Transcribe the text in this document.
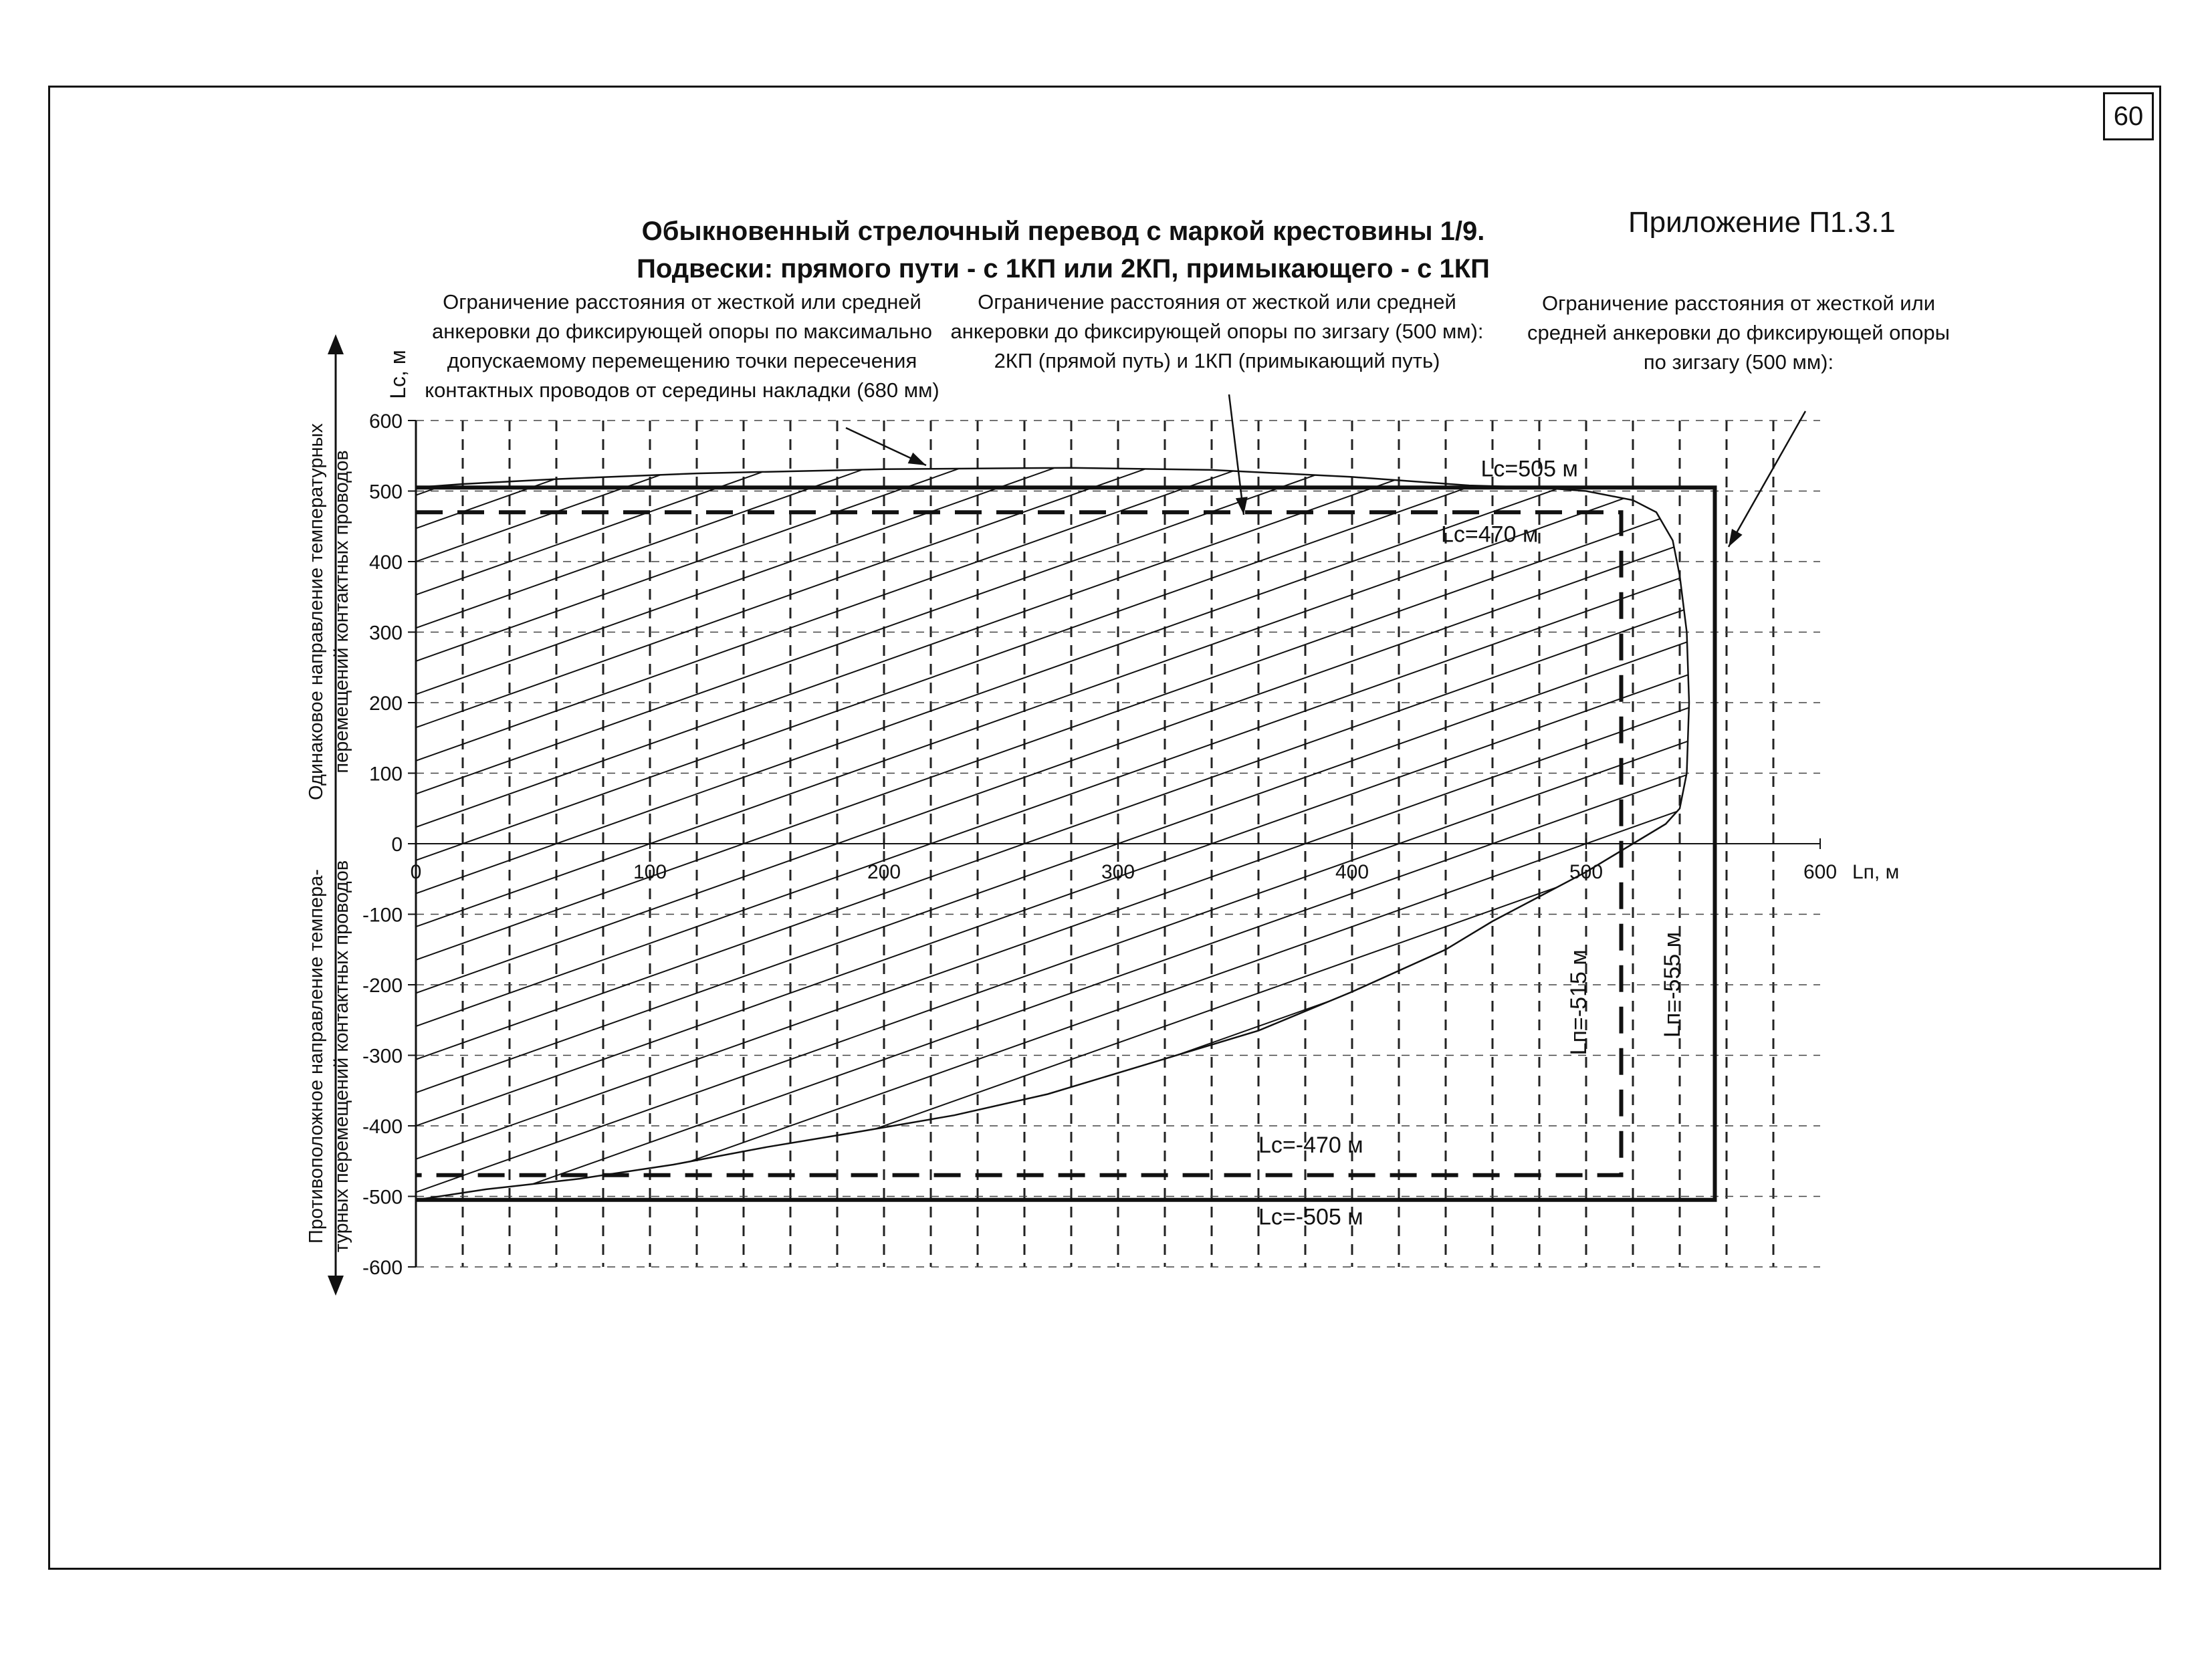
60
Приложение П1.3.1
Обыкновенный стрелочный перевод с маркой крестовины 1/9.
Подвески: прямого пути - с 1КП или 2КП, примыкающего - с 1КП
Ограничение расстояния от жесткой или средней анкеровки до фиксирующей опоры по максимально допускаемому перемещению точки пересечения контактных проводов от середины накладки (680 мм)
Ограничение расстояния от жесткой или средней анкеровки до фиксирующей опоры по зигзагу (500 мм): 2КП (прямой путь) и 1КП (примыкающий путь)
Ограничение расстояния от жесткой или средней анкеровки до фиксирующей опоры по зигзагу (500 мм):
600
500
400
300
200
100
0
-100
-200
-300
-400
-500
-600
0	100	200	300	400	500	600 Lп, м
Lс, м
Одинаковое направление температурных перемещений контактных проводов
Противоположное направление темпера- турных перемещений контактных проводов
Lс=505 м
Lс=470 м
Lс=-470 м
Lс=-505 м
Lп=-515 м	Lп=-555 м
